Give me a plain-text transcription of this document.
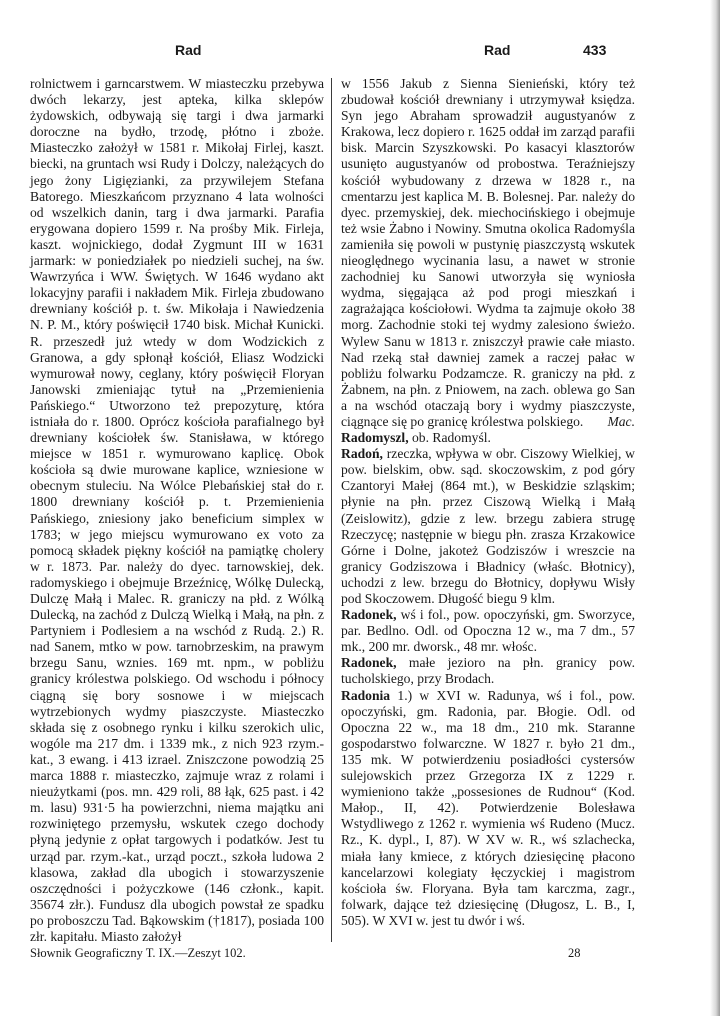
Rad	Rad	433

rolnictwem i garncarstwem. W miasteczku przebywa dwóch lekarzy, jest apteka, kilka sklepów żydowskich, odbywają się targi i dwa jarmarki doroczne na bydło, trzodę, płótno i zboże. Miasteczko założył w 1581 r. Mikołaj Firlej, kaszt. biecki, na gruntach wsi Rudy i Dolczy, należących do jego żony Ligięzianki, za przywilejem Stefana Batorego. Mieszkańcom przyznano 4 lata wolności od wszelkich danin, targ i dwa jarmarki. Parafia erygowana dopiero 1599 r. Na prośby Mik. Firleja, kaszt. wojnickiego, dodał Zygmunt III w 1631 jarmark: w poniedziałek po niedzieli suchej, na św. Wawrzyńca i WW. Świętych. W 1646 wydano akt lokacyjny parafii i nakładem Mik. Firleja zbudowano drewniany kościół p. t. św. Mikołaja i Nawiedzenia N. P. M., który poświęcił 1740 bisk. Michał Kunicki. R. przeszedł już wtedy w dom Wodzickich z Granowa, a gdy spłonął kościół, Eliasz Wodzicki wymurował nowy, ceglany, który poświęcił Floryan Janowski zmieniając tytuł na „Przemienienia Pańskiego.“ Utworzono też prepozyturę, która istniała do r. 1800. Oprócz kościoła parafialnego był drewniany kościołek św. Stanisława, w którego miejsce w 1851 r. wymurowano kaplicę. Obok kościoła są dwie murowane kaplice, wzniesione w obecnym stuleciu. Na Wólce Plebańskiej stał do r. 1800 drewniany kościół p. t. Przemienienia Pańskiego, zniesiony jako beneficium simplex w 1783; w jego miejscu wymurowano ex voto za pomocą składek piękny kościół na pamiątkę cholery w r. 1873. Par. należy do dyec. tarnowskiej, dek. radomyskiego i obejmuje Brzeźnicę, Wólkę Dulecką, Dulczę Małą i Malec. R. graniczy na płd. z Wólką Dulecką, na zachód z Dulczą Wielką i Małą, na płn. z Partyniem i Podlesiem a na wschód z Rudą. 2.) R. nad Sanem, mtko w pow. tarnobrzeskim, na prawym brzegu Sanu, wznies. 169 mt. npm., w pobliżu granicy królestwa polskiego. Od wschodu i północy ciągną się bory sosnowe i w miejscach wytrzebionych wydmy piaszczyste. Miasteczko składa się z osobnego rynku i kilku szerokich ulic, wogóle ma 217 dm. i 1339 mk., z nich 923 rzym.-kat., 3 ewang. i 413 izrael. Zniszczone powodzią 25 marca 1888 r. miasteczko, zajmuje wraz z rolami i nieużytkami (pos. mn. 429 roli, 88 łąk, 625 past. i 42 m. lasu) 931·5 ha powierzchni, niema majątku ani rozwiniętego przemysłu, wskutek czego dochody płyną jedynie z opłat targowych i podatków. Jest tu urząd par. rzym.-kat., urząd poczt., szkoła ludowa 2 klasowa, zakład dla ubogich i stowarzyszenie oszczędności i pożyczkowe (146 członk., kapit. 35674 złr.). Fundusz dla ubogich powstał ze spadku po proboszczu Tad. Bąkowskim (†1817), posiada 100 złr. kapitału. Miasto założył

w 1556 Jakub z Sienna Sienieński, który też zbudował kościół drewniany i utrzymywał księdza. Syn jego Abraham sprowadził augustyanów z Krakowa, lecz dopiero r. 1625 oddał im zarząd parafii bisk. Marcin Szyszkowski. Po kasacyi klasztorów usunięto augustyanów od probostwa. Teraźniejszy kościół wybudowany z drzewa w 1828 r., na cmentarzu jest kaplica M. B. Bolesnej. Par. należy do dyec. przemyskiej, dek. miechocińskiego i obejmuje też wsie Żabno i Nowiny. Smutna okolica Radomyśla zamieniła się powoli w pustynię piaszczystą wskutek nieoględnego wycinania lasu, a nawet w stronie zachodniej ku Sanowi utworzyła się wyniosła wydma, sięgająca aż pod progi mieszkań i zagrażająca kościołowi. Wydma ta zajmuje około 38 morg. Zachodnie stoki tej wydmy zalesiono świeżo. Wylew Sanu w 1813 r. zniszczył prawie całe miasto. Nad rzeką stał dawniej zamek a raczej pałac w pobliżu folwarku Podzamcze. R. graniczy na płd. z Żabnem, na płn. z Pniowem, na zach. oblewa go San a na wschód otaczają bory i wydmy piaszczyste, ciągnące się po granicę królestwa polskiego. Mac.

Radomyszl, ob. Radomyśl.

Radoń, rzeczka, wpływa w obr. Ciszowy Wielkiej, w pow. bielskim, obw. sąd. skoczowskim, z pod góry Czantoryi Małej (864 mt.), w Beskidzie szląskim; płynie na płn. przez Ciszową Wielką i Małą (Zeislowitz), gdzie z lew. brzegu zabiera strugę Rzeczycę; następnie w biegu płn. zrasza Krzakowice Górne i Dolne, jakoteż Godziszów i wreszcie na granicy Godziszowa i Bładnicy (właśc. Błotnicy), uchodzi z lew. brzegu do Błotnicy, dopływu Wisły pod Skoczowem. Długość biegu 9 klm.

Radonek, wś i fol., pow. opoczyński, gm. Sworzyce, par. Bedlno. Odl. od Opoczna 12 w., ma 7 dm., 57 mk., 200 mr. dworsk., 48 mr. włośc.

Radonek, małe jezioro na płn. granicy pow. tucholskiego, przy Brodach.

Radonia 1.) w XVI w. Radunya, wś i fol., pow. opoczyński, gm. Radonia, par. Błogie. Odl. od Opoczna 22 w., ma 18 dm., 210 mk. Staranne gospodarstwo folwarczne. W 1827 r. było 21 dm., 135 mk. W potwierdzeniu posiadłości cystersów sulejowskich przez Grzegorza IX z 1229 r. wymieniono także „possesiones de Rudnou“ (Kod. Małop., II, 42). Potwierdzenie Bolesława Wstydliwego z 1262 r. wymienia wś Rudeno (Mucz. Rz., K. dypl., I, 87). W XV w. R., wś szlachecka, miała łany kmiece, z których dziesięcinę płacono kancelarzowi kolegiaty łęczyckiej i magistrom kościoła św. Floryana. Była tam karczma, zagr., folwark, dające też dziesięcinę (Długosz, L. B., I, 505). W XVI w. jest tu dwór i wś.

Słownik Geograficzny T. IX.—Zeszyt 102.	28
